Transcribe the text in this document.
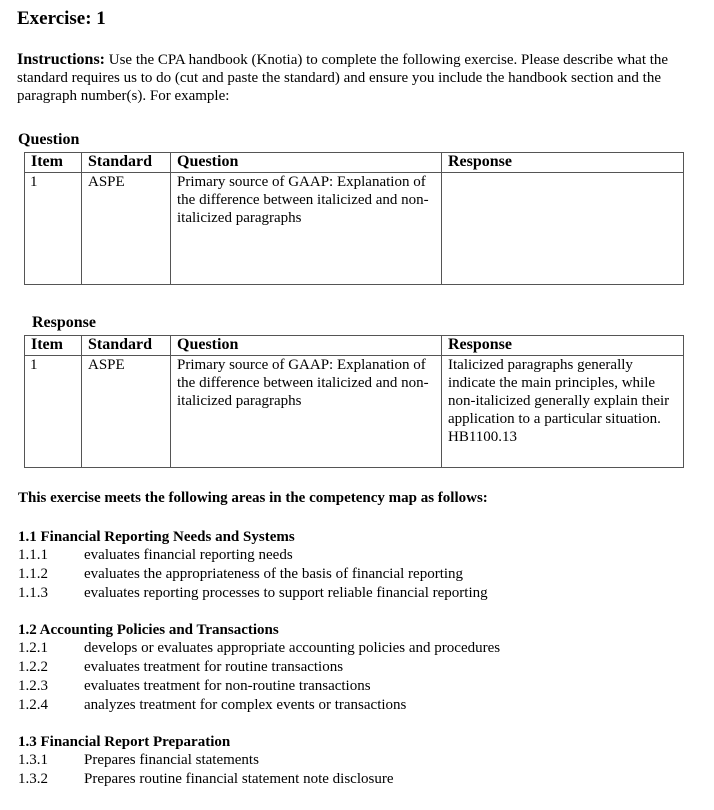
Exercise: 1
Instructions: Use the CPA handbook (Knotia) to complete the following exercise. Please describe what the standard requires us to do (cut and paste the standard) and ensure you include the handbook section and the paragraph number(s). For example:
Question
Item	Standard	Question	Response
1	ASPE	Primary source of GAAP: Explanation of the difference between italicized and non-italicized paragraphs	
Response
Item	Standard	Question	Response
1	ASPE	Primary source of GAAP: Explanation of the difference between italicized and non-italicized paragraphs	Italicized paragraphs generally indicate the main principles, while non-italicized generally explain their application to a particular situation.
HB1100.13
This exercise meets the following areas in the competency map as follows:
1.1 Financial Reporting Needs and Systems
1.1.1 evaluates financial reporting needs
1.1.2 evaluates the appropriateness of the basis of financial reporting
1.1.3 evaluates reporting processes to support reliable financial reporting
1.2 Accounting Policies and Transactions
1.2.1 develops or evaluates appropriate accounting policies and procedures
1.2.2 evaluates treatment for routine transactions
1.2.3 evaluates treatment for non-routine transactions
1.2.4 analyzes treatment for complex events or transactions
1.3 Financial Report Preparation
1.3.1 Prepares financial statements
1.3.2 Prepares routine financial statement note disclosure
